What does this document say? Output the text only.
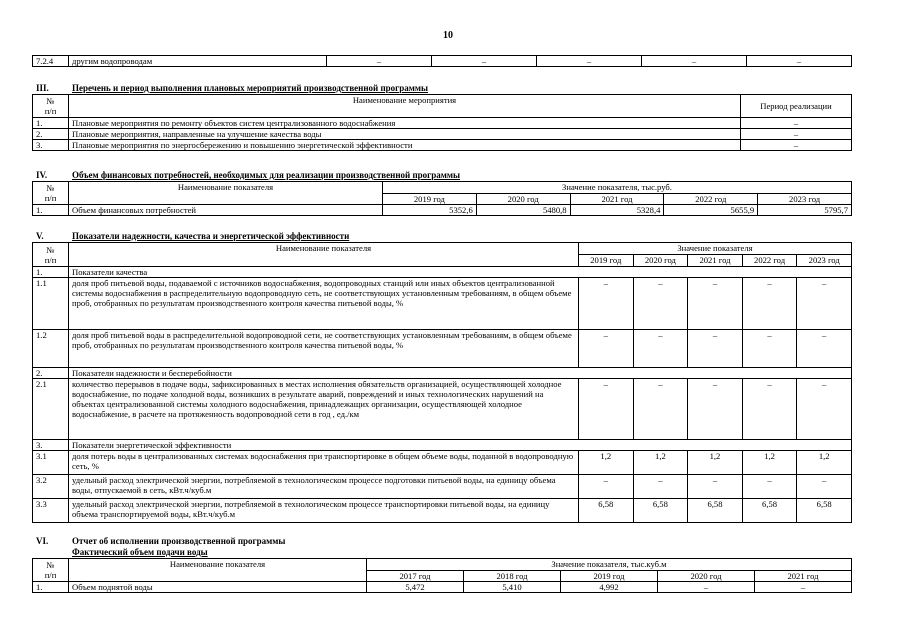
10
7.2.4	другим водопроводам	–	–	–	–	–
III.	Перечень и период выполнения плановых мероприятий производственной программы
№
п/п	Наименование мероприятия	Период реализации
1.	Плановые мероприятия по ремонту объектов систем централизованного водоснабжения	–
2.	Плановые мероприятия, направленные на улучшение качества воды	–
3.	Плановые мероприятия по энергосбережению и повышению энергетической эффективности	–
IV.	Объем финансовых потребностей, необходимых для реализации производственной программы
№
п/п	Наименование показателя	Значение показателя, тыс.руб.				
		2019 год	2020 год	2021 год	2022 год	2023 год
1.	Объем финансовых потребностей	5352,6	5480,8	5328,4	5655,9	5795,7
V.	Показатели надежности, качества и энергетической эффективности
№
п/п	Наименование показателя	Значение показателя				
		2019 год	2020 год	2021 год	2022 год	2023 год
1.	Показатели качества					
1.1	доля проб питьевой воды, подаваемой с источников водоснабжения, водопроводных станций или иных объектов централизованной системы водоснабжения в распределительную водопроводную сеть, не соответствующих установленным требованиям, в общем объеме проб, отобранных по результатам производственного контроля качества питьевой воды, %	–	–	–	–	–
1.2	доля проб питьевой воды в распределительной водопроводной сети, не соответствующих установленным требованиям, в общем объеме проб, отобранных по результатам производственного контроля качества питьевой воды, %	–	–	–	–	–
2.	Показатели надежности и бесперебойности					
2.1	количество перерывов в подаче воды, зафиксированных в местах исполнения обязательств организацией, осуществляющей холодное водоснабжение, по подаче холодной воды, возникших в результате аварий, повреждений и иных технологических нарушений на объектах централизованной системы холодного водоснабжения, принадлежащих организации, осуществляющей холодное водоснабжение, в расчете на протяженность водопроводной сети в год , ед./км	–	–	–	–	–
3.	Показатели энергетической эффективности					
3.1	доля потерь воды в централизованных системах водоснабжения при транспортировке в общем объеме воды, поданной в водопроводную сеть, %	1,2	1,2	1,2	1,2	1,2
3.2	удельный расход электрической энергии, потребляемой в технологическом процессе подготовки питьевой воды, на единицу объема воды, отпускаемой в сеть, кВт.ч/куб.м	–	–	–	–	–
3.3	удельный расход электрической энергии, потребляемой в технологическом процессе транспортировки питьевой воды, на единицу объема транспортируемой воды, кВт.ч/куб.м	6,58	6,58	6,58	6,58	6,58
VI.	Отчет об исполнении производственной программы
Фактический объем подачи воды
№
п/п	Наименование показателя	Значение показателя, тыс.куб.м				
		2017 год	2018 год	2019 год	2020 год	2021 год
1.	Объем поднятой воды	5,472	5,410	4,992	–	–
